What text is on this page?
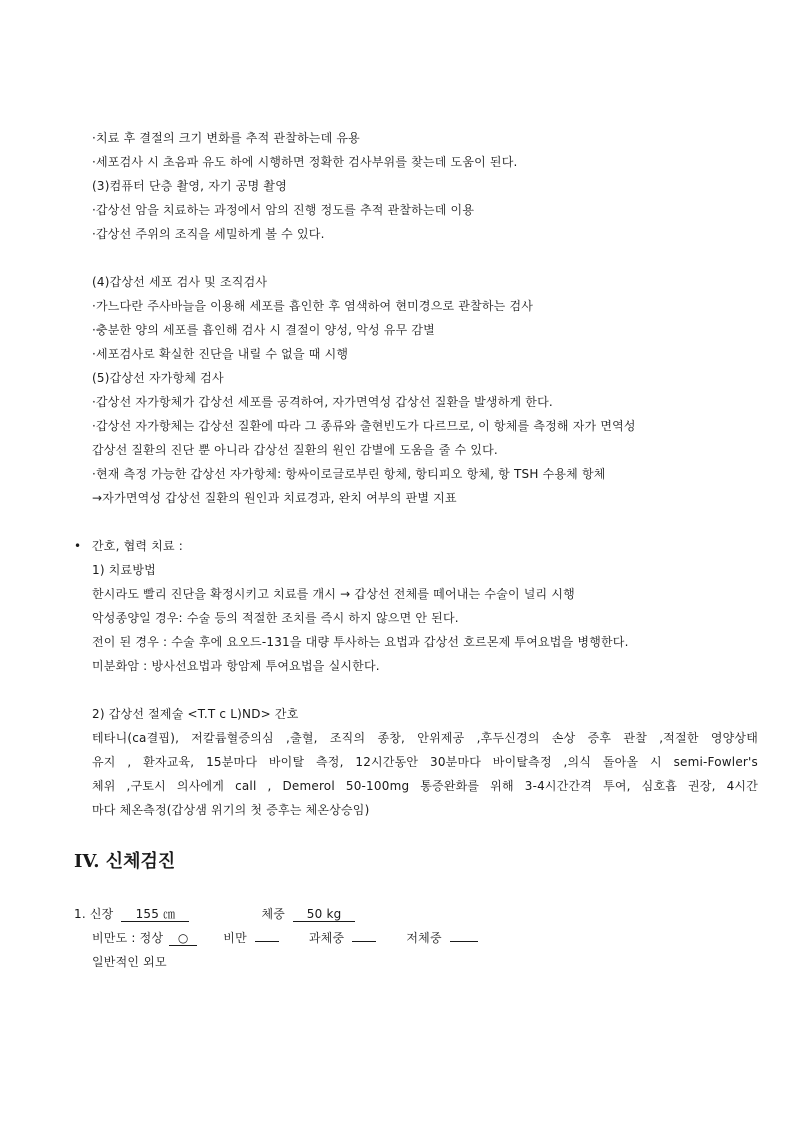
·치료 후 결절의 크기 변화를 추적 관찰하는데 유용
·세포검사 시 초음파 유도 하에 시행하면 정확한 검사부위를 찾는데 도움이 된다.
(3)컴퓨터 단층 촬영, 자기 공명 촬영
·갑상선 암을 치료하는 과정에서 암의 진행 정도를 추적 관찰하는데 이용
·갑상선 주위의 조직을 세밀하게 볼 수 있다.
(4)갑상선 세포 검사 및 조직검사
·가느다란 주사바늘을 이용해 세포를 흡인한 후 염색하여 현미경으로 관찰하는 검사
·충분한 양의 세포를 흡인해 검사 시 결절이 양성, 악성 유무 감별
·세포검사로 확실한 진단을 내릴 수 없을 때 시행
(5)갑상선 자가항체 검사
·갑상선 자가항체가 갑상선 세포를 공격하여, 자가면역성 갑상선 질환을 발생하게 한다.
·갑상선 자가항체는 갑상선 질환에 따라 그 종류와 출현빈도가 다르므로, 이 항체를 측정해 자가 면역성
갑상선 질환의 진단 뿐 아니라 갑상선 질환의 원인 감별에 도움을 줄 수 있다.
·현재 측정 가능한 갑상선 자가항체: 항싸이로글로부린 항체, 항티피오 항체, 항 TSH 수용체 항체
→자가면역성 갑상선 질환의 원인과 치료경과, 완치 여부의 판별 지표
• 간호, 협력 치료 :
1) 치료방법
한시라도 빨리 진단을 확정시키고 치료를 개시 → 갑상선 전체를 떼어내는 수술이 널리 시행
악성종양일 경우: 수술 등의 적절한 조치를 즉시 하지 않으면 안 된다.
전이 된 경우 : 수술 후에 요오드-131을 대량 투사하는 요법과 갑상선 호르몬제 투여요법을 병행한다.
미분화암 : 방사선요법과 항암제 투여요법을 실시한다.
2) 갑상선 절제술 <T.T c L)ND> 간호
테타니(ca결핍), 저칼륨혈증의심 ,출혈, 조직의 종창, 안위제공 ,후두신경의 손상 증후 관찰 ,적절한 영양상태
유지 , 환자교육, 15분마다 바이탈 측정, 12시간동안 30분마다 바이탈측정 ,의식 돌아올 시 semi-Fowler's
체위 ,구토시 의사에게 call , Demerol 50-100mg 통증완화를 위해 3-4시간간격 투여, 심호흡 권장, 4시간
마다 체온측정(갑상샘 위기의 첫 증후는 체온상승임)
IV. 신체검진
1. 신장 155 ㎝	체중 50 kg
비만도 : 정상 ○	비만	과체중	저체중
일반적인 외모
